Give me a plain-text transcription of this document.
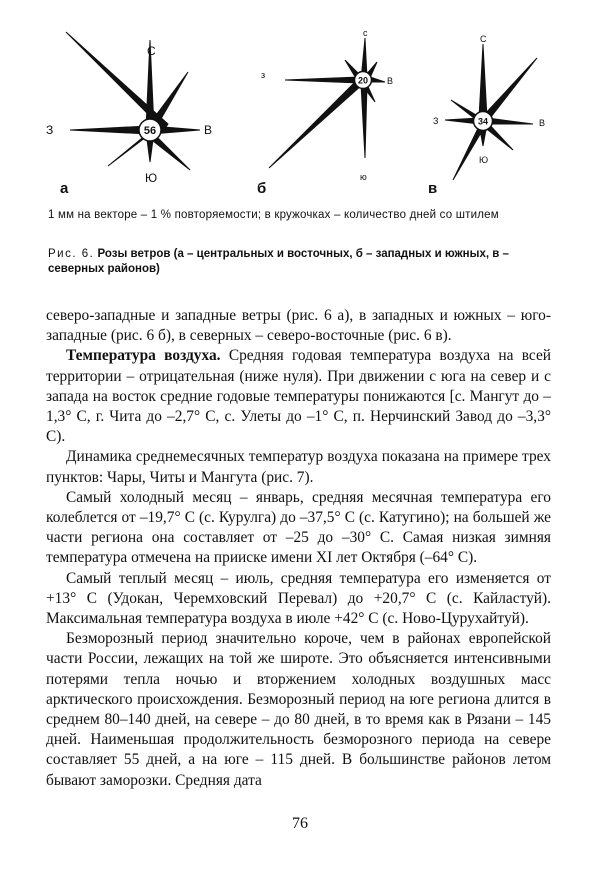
56
С
Ю
В
З
20
с
ю
В
з
34
С
Ю
В
З
а	б	в
1 мм на векторе – 1 % повторяемости; в кружочках – количество дней со штилем
Рис. 6. Розы ветров (а – центральных и восточных, б – западных и южных, в – северных районов)

северо-западные и западные ветры (рис. 6 а), в западных и южных – юго-западные (рис. 6 б), в северных – северо-восточные (рис. 6 в).

Температура воздуха. Средняя годовая температура воздуха на всей территории – отрицательная (ниже нуля). При движении с юга на север и с запада на восток средние годовые температуры понижаются [с. Мангут до –1,3° С, г. Чита до –2,7° С, с. Улеты до –1° С, п. Нерчинский Завод до –3,3° С).

Динамика среднемесячных температур воздуха показана на примере трех пунктов: Чары, Читы и Мангута (рис. 7).

Самый холодный месяц – январь, средняя месячная температура его колеблется от –19,7° С (с. Курулга) до –37,5° С (с. Катугино); на большей же части региона она составляет от –25 до –30° С. Самая низкая зимняя температура отмечена на прииске имени XI лет Октября (–64° С).

Самый теплый месяц – июль, средняя температура его изменяется от +13° С (Удокан, Черемховский Перевал) до +20,7° С (с. Кайластуй). Максимальная температура воздуха в июле +42° С (с. Ново-Цурухайтуй).

Безморозный период значительно короче, чем в районах европейской части России, лежащих на той же широте. Это объясняется интенсивными потерями тепла ночью и вторжением холодных воздушных масс арктического происхождения. Безморозный период на юге региона длится в среднем 80–140 дней, на севере – до 80 дней, в то время как в Рязани – 145 дней. Наименьшая продолжительность безморозного периода на севере составляет 55 дней, а на юге – 115 дней. В большинстве районов летом бывают заморозки. Средняя дата

76
